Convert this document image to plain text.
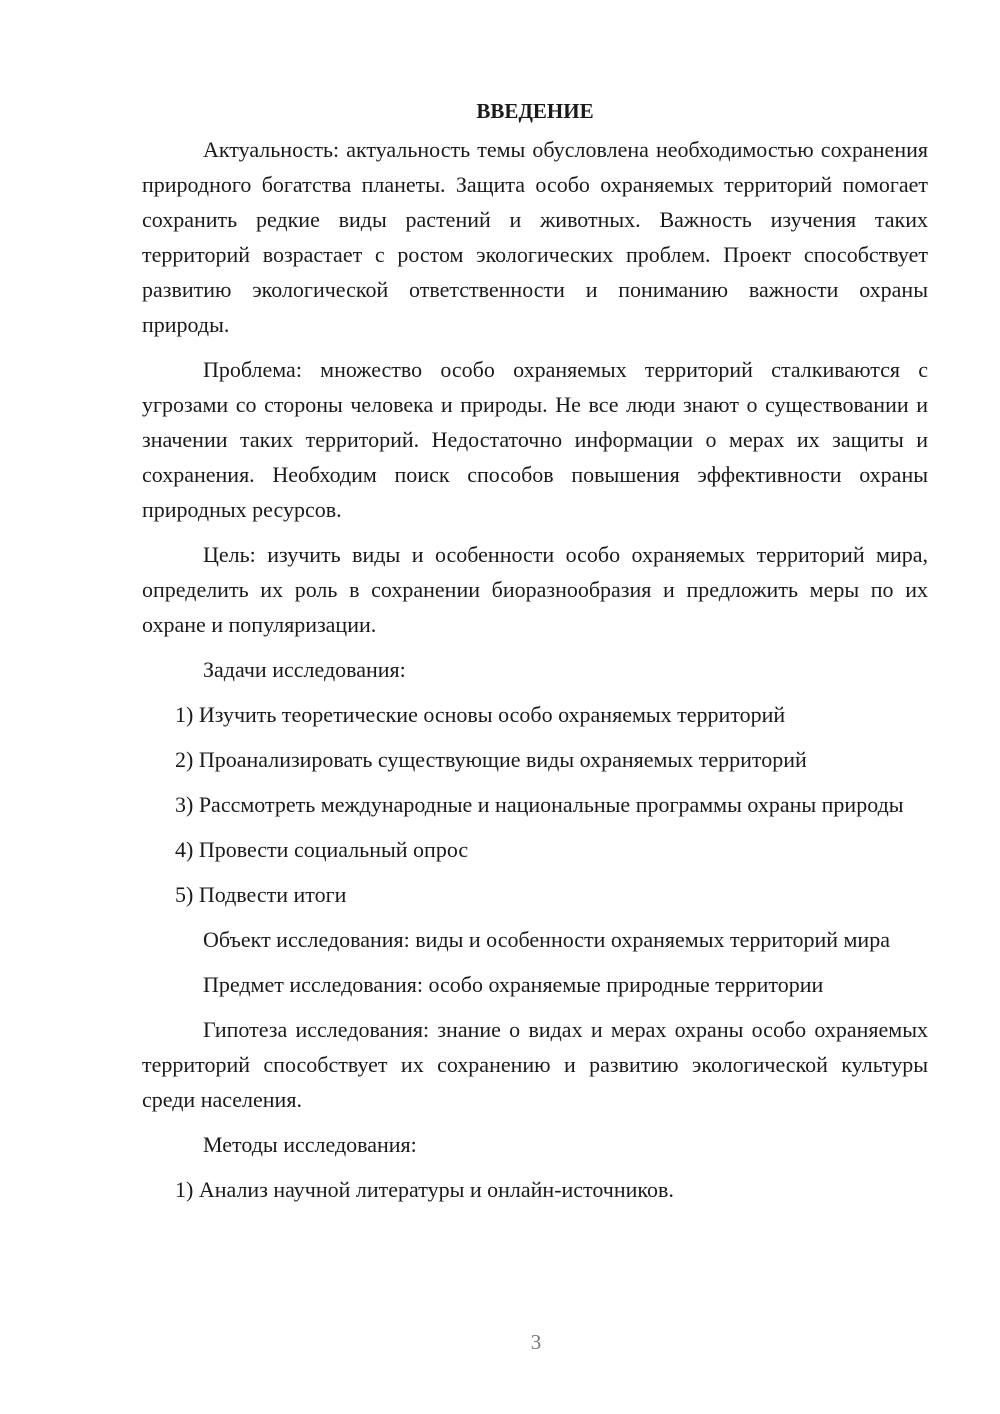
ВВЕДЕНИЕ

Актуальность: актуальность темы обусловлена необходимостью сохранения природного богатства планеты. Защита особо охраняемых территорий помогает сохранить редкие виды растений и животных. Важность изучения таких территорий возрастает с ростом экологических проблем. Проект способствует развитию экологической ответственности и пониманию важности охраны природы.

Проблема: множество особо охраняемых территорий сталкиваются с угрозами со стороны человека и природы. Не все люди знают о существовании и значении таких территорий. Недостаточно информации о мерах их защиты и сохранения. Необходим поиск способов повышения эффективности охраны природных ресурсов.

Цель: изучить виды и особенности особо охраняемых территорий мира, определить их роль в сохранении биоразнообразия и предложить меры по их охране и популяризации.

Задачи исследования:

1) Изучить теоретические основы особо охраняемых территорий

2) Проанализировать существующие виды охраняемых территорий

3) Рассмотреть международные и национальные программы охраны природы

4) Провести социальный опрос

5) Подвести итоги

Объект исследования: виды и особенности охраняемых территорий мира

Предмет исследования: особо охраняемые природные территории

Гипотеза исследования: знание о видах и мерах охраны особо охраняемых территорий способствует их сохранению и развитию экологической культуры среди населения.

Методы исследования:

1) Анализ научной литературы и онлайн-источников.

3
